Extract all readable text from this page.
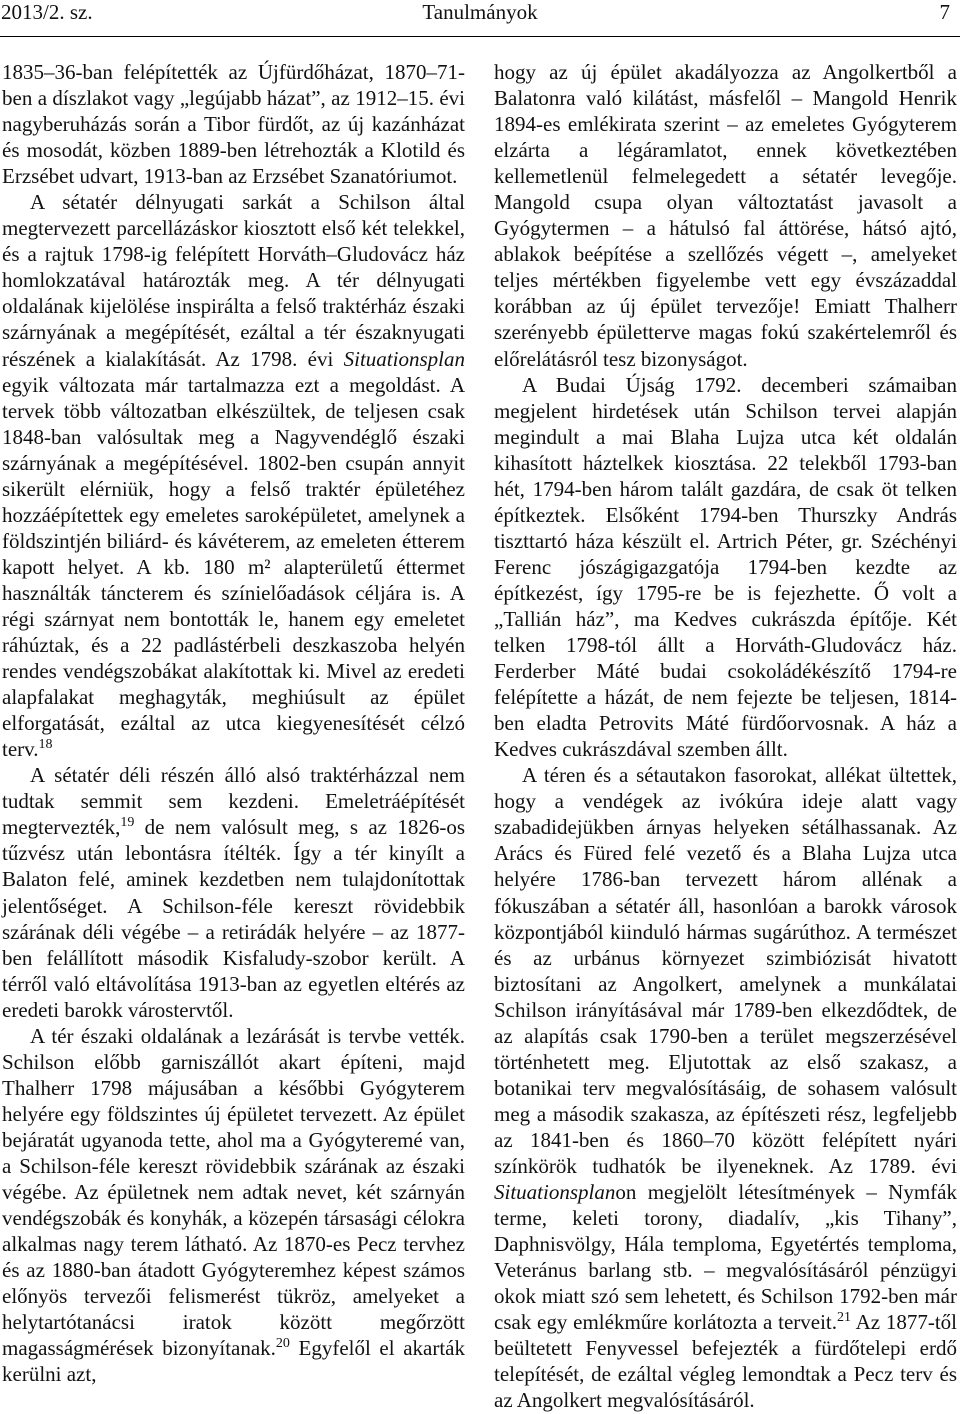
2013/2. sz.	Tanulmányok	7

1835–36-ban felépítették az Újfürdőházat, 1870–71-ben a díszlakot vagy „legújabb házat”, az 1912–15. évi nagyberuházás során a Tibor fürdőt, az új kazánházat és mosodát, közben 1889-ben létrehozták a Klotild és Erzsébet udvart, 1913-ban az Erzsébet Szanatóriumot.

A sétatér délnyugati sarkát a Schilson által megtervezett parcellázáskor kiosztott első két telekkel, és a rajtuk 1798-ig felépített Horváth–Gludovácz ház homlokzatával határozták meg. A tér délnyugati oldalának kijelölése inspirálta a felső traktérház északi szárnyának a megépítését, ezáltal a tér északnyugati részének a kialakítását. Az 1798. évi Situationsplan egyik változata már tartalmazza ezt a megoldást. A tervek több változatban elkészültek, de teljesen csak 1848-ban valósultak meg a Nagyvendéglő északi szárnyának a megépítésével. 1802-ben csupán annyit sikerült elérniük, hogy a felső traktér épületéhez hozzáépítettek egy emeletes saroképületet, amelynek a földszintjén biliárd- és kávéterem, az emeleten étterem kapott helyet. A kb. 180 m² alapterületű éttermet használták táncterem és színielőadások céljára is. A régi szárnyat nem bontották le, hanem egy emeletet ráhúztak, és a 22 padlástérbeli deszkaszoba helyén rendes vendégszobákat alakítottak ki. Mivel az eredeti alapfalakat meghagyták, meghiúsult az épület elforgatását, ezáltal az utca kiegyenesítését célzó terv.$^{18}$

A sétatér déli részén álló alsó traktérházzal nem tudtak semmit sem kezdeni. Emeletráépítését megtervezték,$^{19}$ de nem valósult meg, s az 1826-os tűzvész után lebontásra ítélték. Így a tér kinyílt a Balaton felé, aminek kezdetben nem tulajdonítottak jelentőséget. A Schilson-féle kereszt rövidebbik szárának déli végébe – a retirádák helyére – az 1877-ben felállított második Kisfaludy-szobor került. A térről való eltávolítása 1913-ban az egyetlen eltérés az eredeti barokk várostervtől.

A tér északi oldalának a lezárását is tervbe vették. Schilson előbb garniszállót akart építeni, majd Thalherr 1798 májusában a későbbi Gyógyterem helyére egy földszintes új épületet tervezett. Az épület bejáratát ugyanoda tette, ahol ma a Gyógyteremé van, a Schilson-féle kereszt rövidebbik szárának az északi végébe. Az épületnek nem adtak nevet, két szárnyán vendégszobák és konyhák, a közepén társasági célokra alkalmas nagy terem látható. Az 1870-es Pecz tervhez és az 1880-ban átadott Gyógyteremhez képest számos előnyös tervezői felismerést tükröz, amelyeket a helytartótanácsi iratok között megőrzött magasságmérések bizonyítanak.$^{20}$ Egyfelől el akarták kerülni azt,

hogy az új épület akadályozza az Angolkertből a Balatonra való kilátást, másfelől – Mangold Henrik 1894-es emlékirata szerint – az emeletes Gyógyterem elzárta a légáramlatot, ennek következtében kellemetlenül felmelegedett a sétatér levegője. Mangold csupa olyan változtatást javasolt a Gyógytermen – a hátulsó fal áttörése, hátsó ajtó, ablakok beépítése a szellőzés végett –, amelyeket teljes mértékben figyelembe vett egy évszázaddal korábban az új épület tervezője! Emiatt Thalherr szerényebb épületterve magas fokú szakértelemről és előrelátásról tesz bizonyságot.

A Budai Újság 1792. decemberi számaiban megjelent hirdetések után Schilson tervei alapján megindult a mai Blaha Lujza utca két oldalán kihasított háztelkek kiosztása. 22 telekből 1793-ban hét, 1794-ben három talált gazdára, de csak öt telken építkeztek. Elsőként 1794-ben Thurszky András tiszttartó háza készült el. Artrich Péter, gr. Széchényi Ferenc jószágigazgatója 1794-ben kezdte az építkezést, így 1795-re be is fejezhette. Ő volt a „Tallián ház”, ma Kedves cukrászda építője. Két telken 1798-tól állt a Horváth-Gludovácz ház. Ferderber Máté budai csokoládékészítő 1794-re felépítette a házát, de nem fejezte be teljesen, 1814-ben eladta Petrovits Máté fürdőorvosnak. A ház a Kedves cukrászdával szemben állt.

A téren és a sétautakon fasorokat, allékat ültettek, hogy a vendégek az ivókúra ideje alatt vagy szabadidejükben árnyas helyeken sétálhassanak. Az Arács és Füred felé vezető és a Blaha Lujza utca helyére 1786-ban tervezett három allénak a fókuszában a sétatér áll, hasonlóan a barokk városok központjából kiinduló hármas sugárúthoz. A természet és az urbánus környezet szimbiózisát hivatott biztosítani az Angolkert, amelynek a munkálatai Schilson irányításával már 1789-ben elkezdődtek, de az alapítás csak 1790-ben a terület megszerzésével történhetett meg. Eljutottak az első szakasz, a botanikai terv megvalósításáig, de sohasem valósult meg a második szakasza, az építészeti rész, legfeljebb az 1841-ben és 1860–70 között felépített nyári színkörök tudhatók be ilyeneknek. Az 1789. évi Situationsplanon megjelölt létesítmények – Nymfák terme, keleti torony, diadalív, „kis Tihany”, Daphnisvölgy, Hála temploma, Egyetértés temploma, Veteránus barlang stb. – megvalósításáról pénzügyi okok miatt szó sem lehetett, és Schilson 1792-ben már csak egy emlékműre korlátozta a terveit.$^{21}$ Az 1877-től beültetett Fenyvessel befejezték a fürdőtelepi erdő telepítését, de ezáltal végleg lemondtak a Pecz terv és az Angolkert megvalósításáról.
